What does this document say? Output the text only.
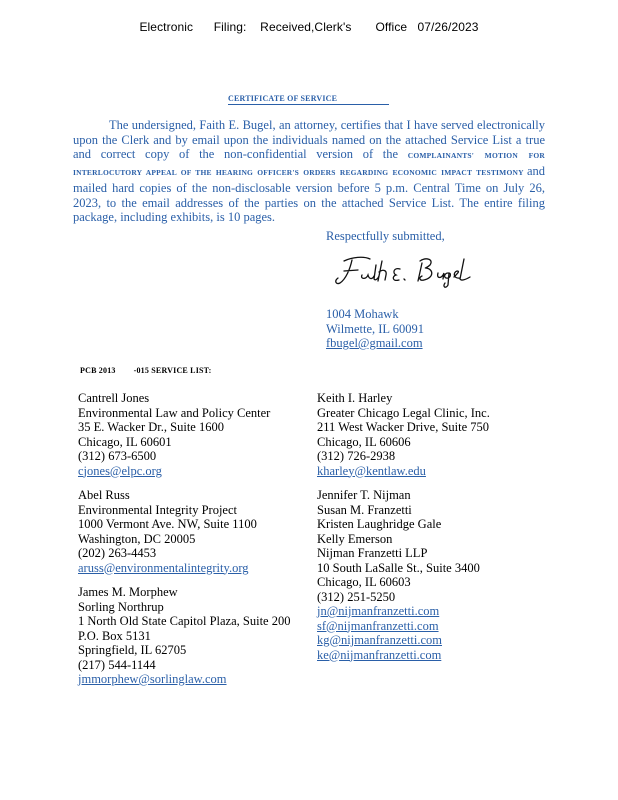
Electronic      Filing:    Received,Clerk's       Office   07/26/2023
CERTIFICATE OF SERVICE
The undersigned, Faith E. Bugel, an attorney, certifies that I have served electronically upon the Clerk and by email upon the individuals named on the attached Service List a true and correct copy of the non-confidential version of the COMPLAINANTS' MOTION FOR INTERLOCUTORY APPEAL OF THE HEARING OFFICER'S ORDERS REGARDING ECONOMIC IMPACT TESTIMONY and mailed hard copies of the non-disclosable version before 5 p.m. Central Time on July 26, 2023, to the email addresses of the parties on the attached Service List. The entire filing package, including exhibits, is 10 pages.
Respectfully submitted,
1004 Mohawk
Wilmette, IL 60091
fbugel@gmail.com
PCB 2013 -015 SERVICE LIST:
Cantrell Jones
Environmental Law and Policy Center
35 E. Wacker Dr., Suite 1600
Chicago, IL 60601
(312) 673-6500
cjones@elpc.org
Abel Russ
Environmental Integrity Project
1000 Vermont Ave. NW, Suite 1100
Washington, DC 20005
(202) 263-4453
aruss@environmentalintegrity.org
James M. Morphew
Sorling Northrup
1 North Old State Capitol Plaza, Suite 200
P.O. Box 5131
Springfield, IL 62705
(217) 544-1144
jmmorphew@sorlinglaw.com
Keith I. Harley
Greater Chicago Legal Clinic, Inc.
211 West Wacker Drive, Suite 750
Chicago, IL 60606
(312) 726-2938
kharley@kentlaw.edu
Jennifer T. Nijman
Susan M. Franzetti
Kristen Laughridge Gale
Kelly Emerson
Nijman Franzetti LLP
10 South LaSalle St., Suite 3400
Chicago, IL 60603
(312) 251-5250
jn@nijmanfranzetti.com
sf@nijmanfranzetti.com
kg@nijmanfranzetti.com
ke@nijmanfranzetti.com
